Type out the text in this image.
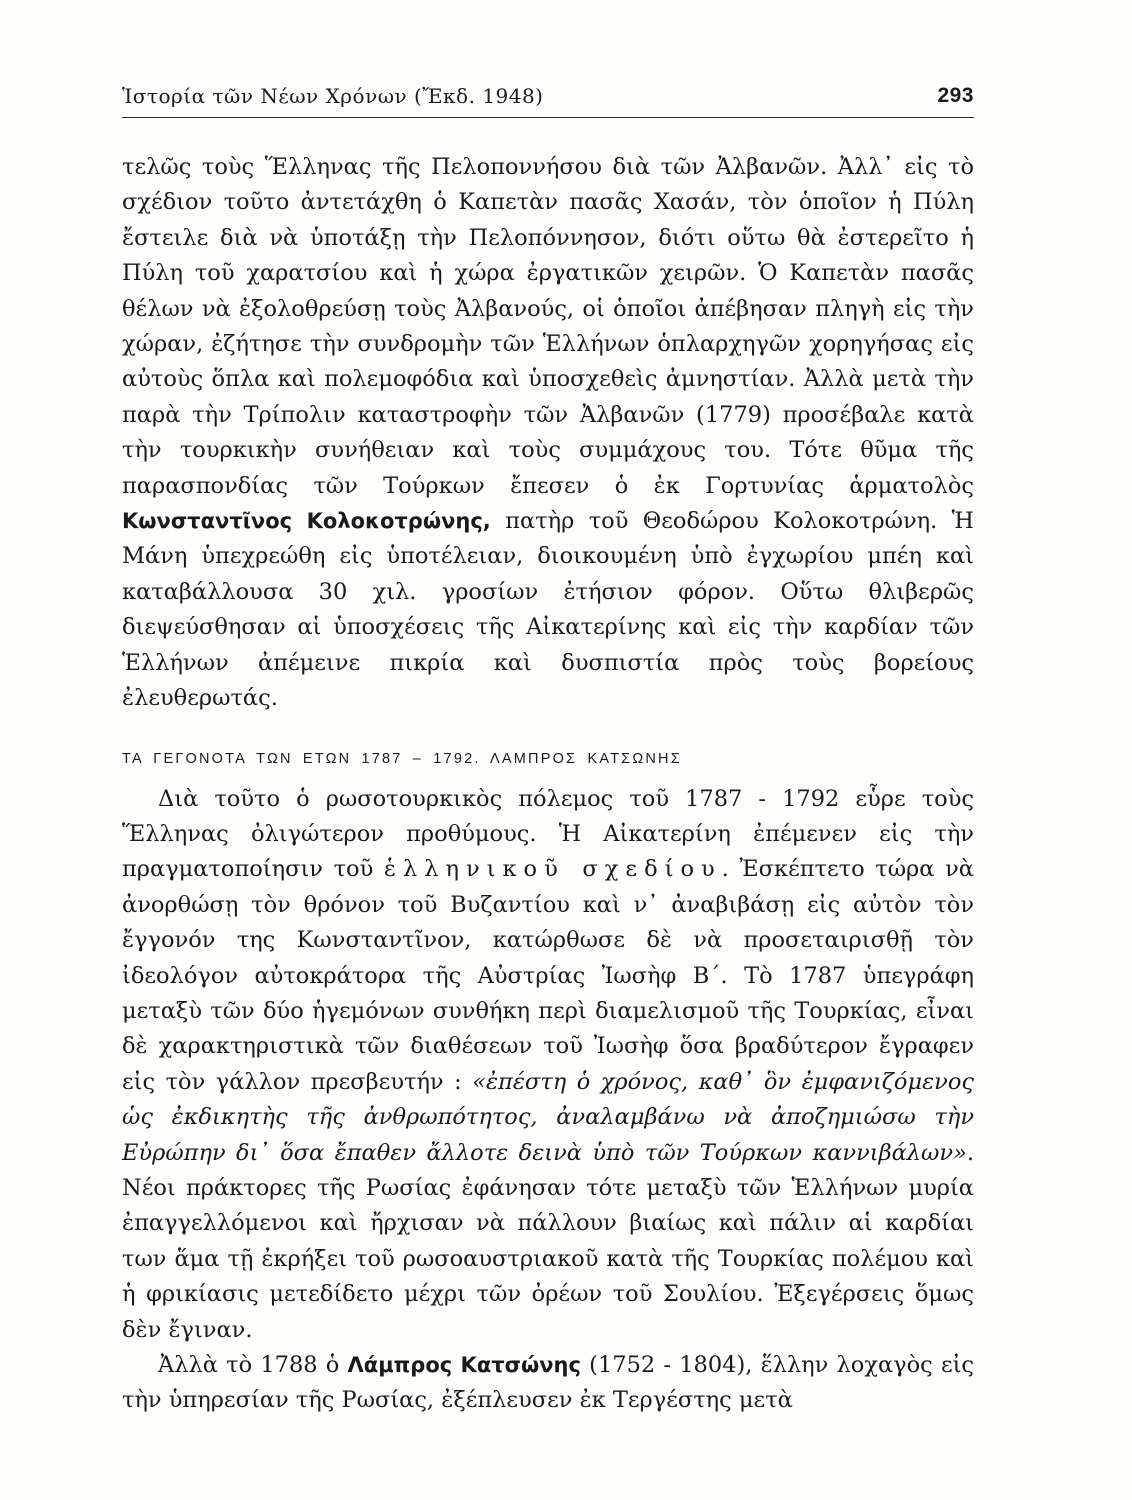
Ἱστορία τῶν Νέων Χρόνων (Ἔκδ. 1948)	293

τελῶς τοὺς Ἕλληνας τῆς Πελοποννήσου διὰ τῶν Ἀλβανῶν. Ἀλλ᾽ εἰς τὸ σχέδιον τοῦτο ἀντετάχθη ὁ Καπετὰν πασᾶς Χασάν, τὸν ὁποῖον ἡ Πύλη ἔστειλε διὰ νὰ ὑποτάξῃ τὴν Πελοπόννησον, διότι οὕτω θὰ ἐστερεῖτο ἡ Πύλη τοῦ χαρατσίου καὶ ἡ χώρα ἐργατικῶν χειρῶν. Ὁ Καπετὰν πασᾶς θέλων νὰ ἐξολοθρεύσῃ τοὺς Ἀλβανούς, οἱ ὁποῖοι ἀπέβησαν πληγὴ εἰς τὴν χώραν, ἐζήτησε τὴν συνδρομὴν τῶν Ἑλλήνων ὁπλαρχηγῶν χορηγήσας εἰς αὐτοὺς ὅπλα καὶ πολεμοφόδια καὶ ὑποσχεθεὶς ἀμνηστίαν. Ἀλλὰ μετὰ τὴν παρὰ τὴν Τρίπολιν καταστροφὴν τῶν Ἀλβανῶν (1779) προσέβαλε κατὰ τὴν τουρκικὴν συνήθειαν καὶ τοὺς συμμάχους του. Τότε θῦμα τῆς παρασπονδίας τῶν Τούρκων ἔπεσεν ὁ ἐκ Γορτυνίας ἁρματολὸς Κωνσταντῖνος Κολοκοτρώνης, πατὴρ τοῦ Θεοδώρου Κολοκοτρώνη. Ἡ Μάνη ὑπεχρεώθη εἰς ὑποτέλειαν, διοικουμένη ὑπὸ ἐγχωρίου μπέη καὶ καταβάλλουσα 30 χιλ. γροσίων ἐτήσιον φόρον. Οὕτω θλιβερῶς διεψεύσθησαν αἱ ὑποσχέσεις τῆς Αἰκατερίνης καὶ εἰς τὴν καρδίαν τῶν Ἑλλήνων ἀπέμεινε πικρία καὶ δυσπιστία πρὸς τοὺς βορείους ἐλευθερωτάς.

ΤΑ ΓΕΓΟΝΟΤΑ ΤΩΝ ΕΤΩΝ 1787 – 1792. ΛΑΜΠΡΟΣ ΚΑΤΣΩΝΗΣ

Διὰ τοῦτο ὁ ρωσοτουρκικὸς πόλεμος τοῦ 1787 - 1792 εὗρε τοὺς Ἕλληνας ὀλιγώτερον προθύμους. Ἡ Αἰκατερίνη ἐπέμενεν εἰς τὴν πραγματοποίησιν τοῦ ἑλληνικοῦ σχεδίου. Ἐσκέπτετο τώρα νὰ ἀνορθώσῃ τὸν θρόνον τοῦ Βυζαντίου καὶ ν᾽ ἀναβιβάσῃ εἰς αὐτὸν τὸν ἔγγονόν της Κωνσταντῖνον, κατώρθωσε δὲ νὰ προσεταιρισθῇ τὸν ἰδεολόγον αὐτοκράτορα τῆς Αὐστρίας Ἰωσὴφ Β΄. Τὸ 1787 ὑπεγράφη μεταξὺ τῶν δύο ἡγεμόνων συνθήκη περὶ διαμελισμοῦ τῆς Τουρκίας, εἶναι δὲ χαρακτηριστικὰ τῶν διαθέσεων τοῦ Ἰωσὴφ ὅσα βραδύτερον ἔγραφεν εἰς τὸν γάλλον πρεσβευτήν : «ἐπέστη ὁ χρόνος, καθ᾽ ὃν ἐμφανιζόμενος ὡς ἐκδικητὴς τῆς ἀνθρωπότητος, ἀναλαμβάνω νὰ ἀποζημιώσω τὴν Εὐρώπην δι᾽ ὅσα ἔπαθεν ἄλλοτε δεινὰ ὑπὸ τῶν Τούρκων καννιβάλων». Νέοι πράκτορες τῆς Ρωσίας ἐφάνησαν τότε μεταξὺ τῶν Ἑλλήνων μυρία ἐπαγγελλόμενοι καὶ ἤρχισαν νὰ πάλλουν βιαίως καὶ πάλιν αἱ καρδίαι των ἅμα τῇ ἐκρήξει τοῦ ρωσοαυστριακοῦ κατὰ τῆς Τουρκίας πολέμου καὶ ἡ φρικίασις μετεδίδετο μέχρι τῶν ὀρέων τοῦ Σουλίου. Ἐξεγέρσεις ὅμως δὲν ἔγιναν.

Ἀλλὰ τὸ 1788 ὁ Λάμπρος Κατσώνης (1752 - 1804), ἕλλην λοχαγὸς εἰς τὴν ὑπηρεσίαν τῆς Ρωσίας, ἐξέπλευσεν ἐκ Τεργέστης μετὰ
